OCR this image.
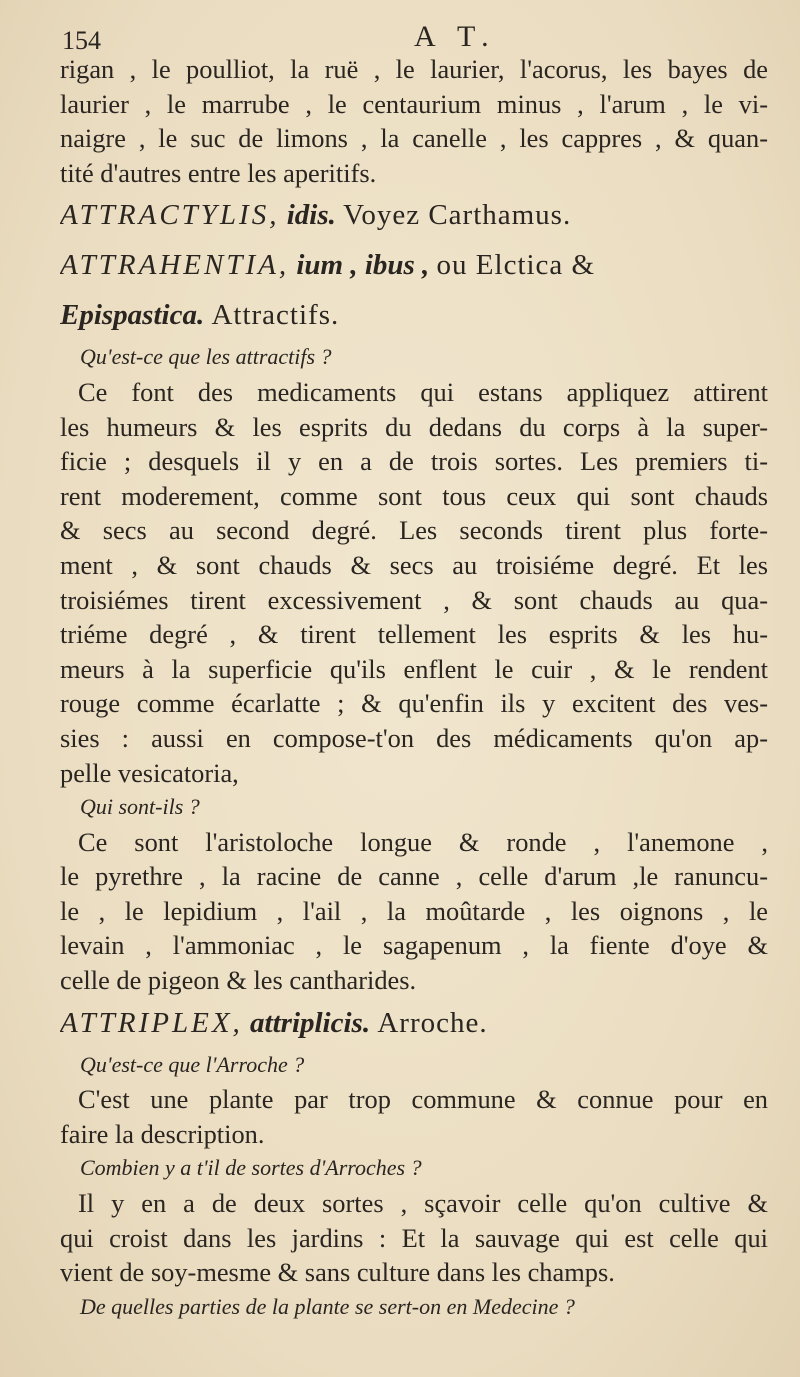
154	A T.
rigan , le poulliot, la ruë , le laurier, l'acorus, les bayes de
laurier , le marrube , le centaurium minus , l'arum , le vi-
naigre , le suc de limons , la canelle , les cappres , & quan-
tité d'autres entre les aperitifs.
ATTRACTYLIS, idis. Voyez Carthamus.
ATTRAHENTIA, ium , ibus , ou Elctica &
Epispastica. Attractifs.
Qu'est-ce que les attractifs ?
Ce font des medicaments qui estans appliquez attirent
les humeurs & les esprits du dedans du corps à la super-
ficie ; desquels il y en a de trois sortes. Les premiers ti-
rent moderement, comme sont tous ceux qui sont chauds
& secs au second degré. Les seconds tirent plus forte-
ment , & sont chauds & secs au troisiéme degré. Et les
troisiémes tirent excessivement , & sont chauds au qua-
triéme degré , & tirent tellement les esprits & les hu-
meurs à la superficie qu'ils enflent le cuir , & le rendent
rouge comme écarlatte ; & qu'enfin ils y excitent des ves-
sies : aussi en compose-t'on des médicaments qu'on ap-
pelle vesicatoria,
Qui sont-ils ?
Ce sont l'aristoloche longue & ronde , l'anemone ,
le pyrethre , la racine de canne , celle d'arum ,le ranuncu-
le , le lepidium , l'ail , la moûtarde , les oignons , le
levain , l'ammoniac , le sagapenum , la fiente d'oye &
celle de pigeon & les cantharides.
ATTRIPLEX, attriplicis. Arroche.
Qu'est-ce que l'Arroche ?
C'est une plante par trop commune & connue pour en
faire la description.
Combien y a t'il de sortes d'Arroches ?
Il y en a de deux sortes , sçavoir celle qu'on cultive &
qui croist dans les jardins : Et la sauvage qui est celle qui
vient de soy-mesme & sans culture dans les champs.
De quelles parties de la plante se sert-on en Medecine ?
